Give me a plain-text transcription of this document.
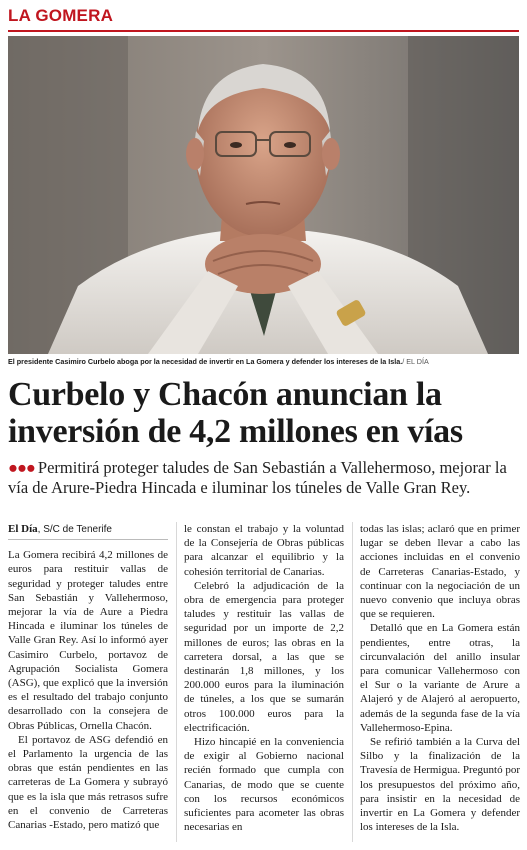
LA GOMERA
El presidente Casimiro Curbelo aboga por la necesidad de invertir en La Gomera y defender los intereses de la Isla./ EL DÍA
Curbelo y Chacón anuncian la inversión de 4,2 millones en vías
●●● Permitirá proteger taludes de San Sebastián a Vallehermoso, mejorar la vía de Arure-Piedra Hincada e iluminar los túneles de Valle Gran Rey.
El Día, S/C de Tenerife

La Gomera recibirá 4,2 millones de euros para restituir vallas de seguridad y proteger taludes entre San Sebastián y Vallehermoso, mejorar la vía de Aure a Piedra Hincada e iluminar los túneles de Valle Gran Rey. Así lo informó ayer Casimiro Curbelo, portavoz de Agrupación Socialista Gomera (ASG), que explicó que la inversión es el resultado del trabajo conjunto desarrollado con la consejera de Obras Públicas, Ornella Chacón.

El portavoz de ASG defendió en el Parlamento la urgencia de las obras que están pendientes en las carreteras de La Gomera y subrayó que es la isla que más retrasos sufre en el convenio de Carreteras Canarias -Estado, pero matizó que

le constan el trabajo y la voluntad de la Consejería de Obras públicas para alcanzar el equilibrio y la cohesión territorial de Canarias.

Celebró la adjudicación de la obra de emergencia para proteger taludes y restituir las vallas de seguridad por un importe de 2,2 millones de euros; las obras en la carretera dorsal, a las que se destinarán 1,8 millones, y los 200.000 euros para la iluminación de túneles, a los que se sumarán otros 100.000 euros para la electrificación.

Hizo hincapié en la conveniencia de exigir al Gobierno nacional recién formado que cumpla con Canarias, de modo que se cuente con los recursos económicos suficientes para acometer las obras necesarias en

todas las islas; aclaró que en primer lugar se deben llevar a cabo las acciones incluidas en el convenio de Carreteras Canarias-Estado, y continuar con la negociación de un nuevo convenio que incluya obras que se requieren.

Detalló que en La Gomera están pendientes, entre otras, la circunvalación del anillo insular para comunicar Vallehermoso con el Sur o la variante de Arure a Alajeró y de Alajeró al aeropuerto, además de la segunda fase de la vía Vallehermoso-Epina.

Se refirió también a la Curva del Silbo y la finalización de la Travesía de Hermigua. Preguntó por los presupuestos del próximo año, para insistir en la necesidad de invertir en La Gomera y defender los intereses de la Isla.
